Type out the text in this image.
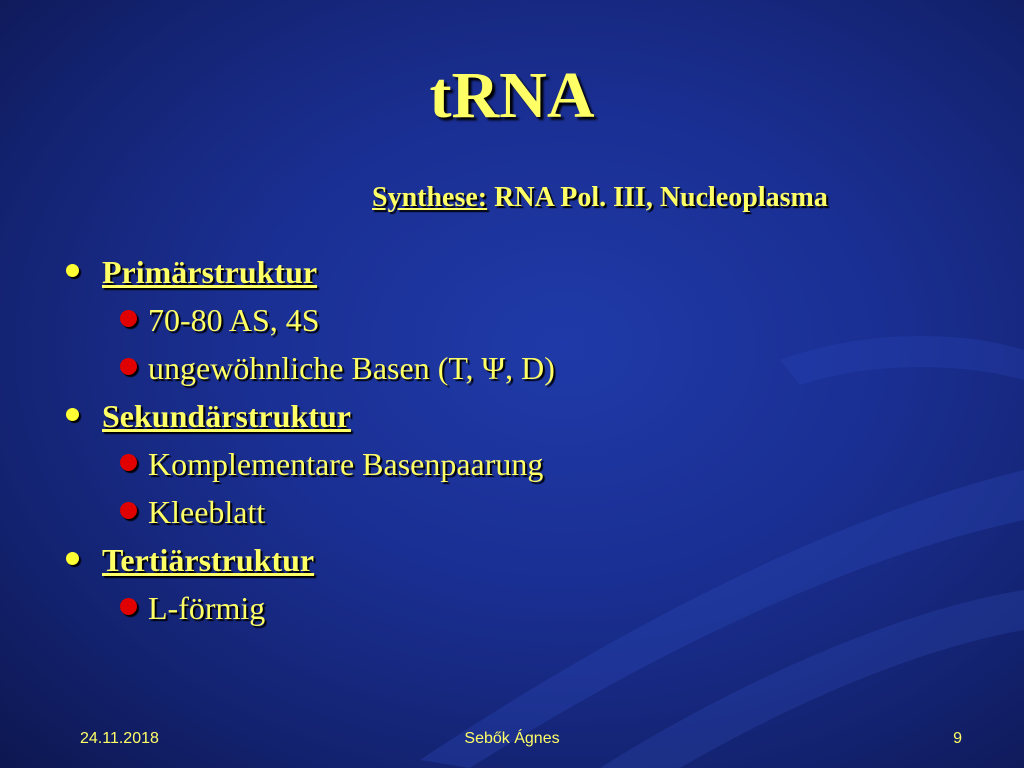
tRNA
Synthese: RNA Pol. III, Nucleoplasma
Primärstruktur
70-80 AS, 4S
ungewöhnliche Basen (T, Ψ, D)
Sekundärstruktur
Komplementare Basenpaarung
Kleeblatt
Tertiärstruktur
L-förmig
24.11.2018	Sebők Ágnes	9
